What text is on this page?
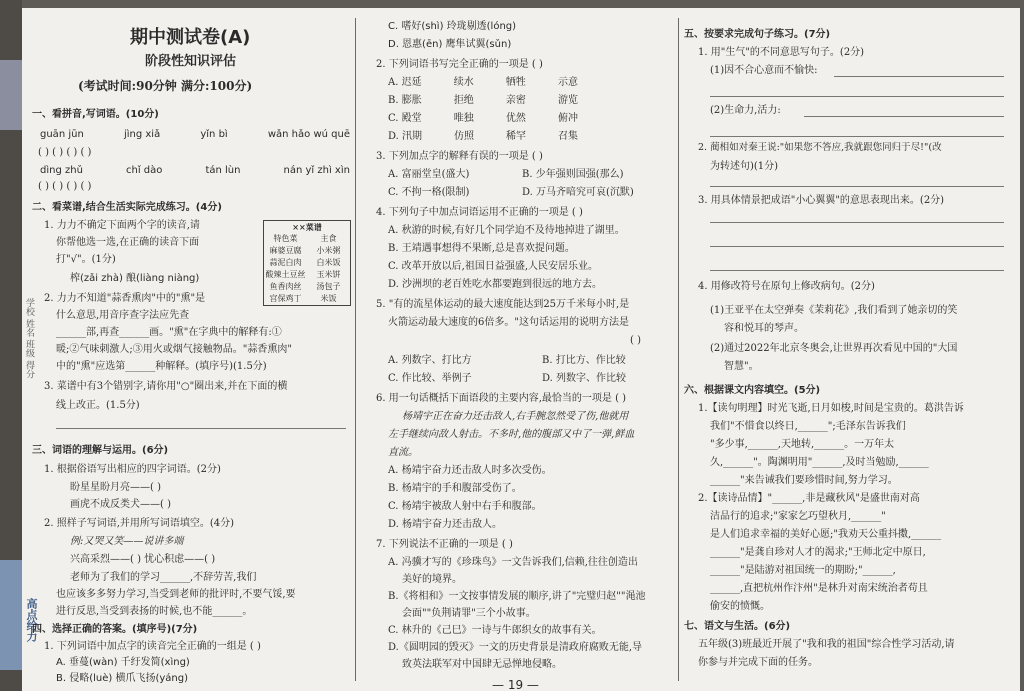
学校 姓名 班级 得分
高点给力
期中测试卷(A)
阶段性知识评估
(考试时间:90分钟 满分:100分)
一、看拼音,写词语。(10分)
guān jūn	jìng xiǎ	yǐn bì	wǎn hǎo wú quē
( ) ( ) ( ) ( )
dìng zhǔ	chǐ dào	tán lùn	nán yǐ zhì xìn
( ) ( ) ( ) ( )
二、看菜谱,结合生活实际完成练习。(4分)
××菜谱
特色菜	主食
麻婆豆腐	小米粥
蒜泥白肉	白米饭
酸辣土豆丝	玉米饼
鱼香肉丝	汤包子
宫保鸡丁	米饭
1. 力力不确定下面两个字的读音,请
你帮他选一选,在正确的读音下面
打"√"。(1分)
榨(zǎi zhà) 酿(liàng niàng)
2. 力力不知道"蒜香熏肉"中的"熏"是
什么意思,用音序查字法应先查
______部,再查______画。"熏"在字典中的解释有:①
暖;②气味刺激人;③用火或烟气接触物品。"蒜香熏肉"
中的"熏"应选第______种解释。(填序号)(1.5分)
3. 菜谱中有3个错别字,请你用"○"圈出来,并在下面的横
线上改正。(1.5分)
三、词语的理解与运用。(6分)
1. 根据俗语写出相应的四字词语。(2分)
盼星星盼月亮——( )
画虎不成反类犬——( )
2. 照样子写词语,并用所写词语填空。(4分)
例:又哭又笑——说讲多端
兴高采烈——( ) 忧心积虑——( )
老师为了我们的学习______,不辞劳苦,我们
也应该多多努力学习,当受到老师的批评时,不要气馁,要
进行反思,当受到表扬的时候,也不能______。
四、选择正确的答案。(填序号)(7分)
1. 下列词语中加点字的读音完全正确的一组是 ( )
A. 垂蔓(wàn) 千纡发简(xìng)
B. 侵略(luè) 横爪飞扬(yáng)
C. 嗜好(shì) 玲珑剔透(lóng)
D. 恩惠(ēn) 鹰隼试翼(sǔn)
2. 下列词语书写完全正确的一项是 ( )
A. 迟延	续水	牺牲	示意
B. 膨胀	拒绝	亲密	游览
C. 殿堂	唯独	优然	俯冲
D. 汛期	仿照	稀罕	召集
3. 下列加点字的解释有误的一项是 ( )
A. 富丽堂皇(盛大)	B. 少年强则国强(那么)
C. 不拘一格(限制)	D. 万马齐喑究可哀(沉默)
4. 下列句子中加点词语运用不正确的一项是 ( )
A. 秋游的时候,有好几个同学迫不及待地掉进了湖里。
B. 王靖遇事想得不果断,总是喜欢提问题。
C. 改革开放以后,祖国日益强盛,人民安居乐业。
D. 沙洲坝的老百姓吃水都要跑到很远的地方去。
5. "有的流星体运动的最大速度能达到25万千米每小时,是
火箭运动最大速度的6倍多。"这句话运用的说明方法是
( )
A. 列数字、打比方	B. 打比方、作比较
C. 作比较、举例子	D. 列数字、作比较
6. 用一句话概括下面语段的主要内容,最恰当的一项是 ( )
杨靖宇正在奋力还击敌人,右手腕忽然受了伤,他就用
左手继续向敌人射击。不多时,他的腹部又中了一弹,鲜血
直流。
A. 杨靖宇奋力还击敌人时多次受伤。
B. 杨靖宇的手和腹部受伤了。
C. 杨靖宇被敌人射中右手和腹部。
D. 杨靖宇奋力还击敌人。
7. 下列说法不正确的一项是 ( )
A. 冯骥才写的《珍珠鸟》一文告诉我们,信赖,往往创造出
美好的境界。
B.《将相和》一文按事情发展的顺序,讲了"完璧归赵""渑池
会面""负荆请罪"三个小故事。
C. 林升的《己巳》一诗与牛郎织女的故事有关。
D.《圆明园的毁灭》一文的历史背景是清政府腐败无能,导
致英法联军对中国肆无忌惮地侵略。
五、按要求完成句子练习。(7分)
1. 用"生气"的不同意思写句子。(2分)
(1)因不合心意而不愉快:
(2)生命力,活力:
2. 蔺相如对秦王说:"如果您不答应,我就跟您同归于尽!"(改
为转述句)(1分)
3. 用具体情景把成语"小心翼翼"的意思表现出来。(2分)
4. 用修改符号在原句上修改病句。(2分)
(1)王亚平在太空弹奏《茉莉花》,我们看到了她亲切的笑
容和悦耳的琴声。
(2)通过2022年北京冬奥会,让世界再次看见中国的"大国
智慧"。
六、根据课文内容填空。(5分)
1.【读句明理】时光飞逝,日月如梭,时间是宝贵的。葛洪告诉
我们"不惜食以终日,______";毛泽东告诉我们
"多少事,______,天地转,______。一万年太
久,______"。陶渊明用"______,及时当勉励,______
______"来告诫我们要珍惜时间,努力学习。
2.【读诗品情】"______,非是藏秋风"是盛世南对高
洁品行的追求;"家家乞巧望秋月,______"
是人们追求幸福的美好心愿;"我劝天公重抖擞,______
______"是龚自珍对人才的渴求;"王师北定中原日,
______"是陆游对祖国统一的期盼;"______,
______,直把杭州作汴州"是林升对南宋统治者苟且
偷安的愤慨。
七、语文与生活。(6分)
五年级(3)班最近开展了"我和我的祖国"综合性学习活动,请
你参与并完成下面的任务。
— 19 —
